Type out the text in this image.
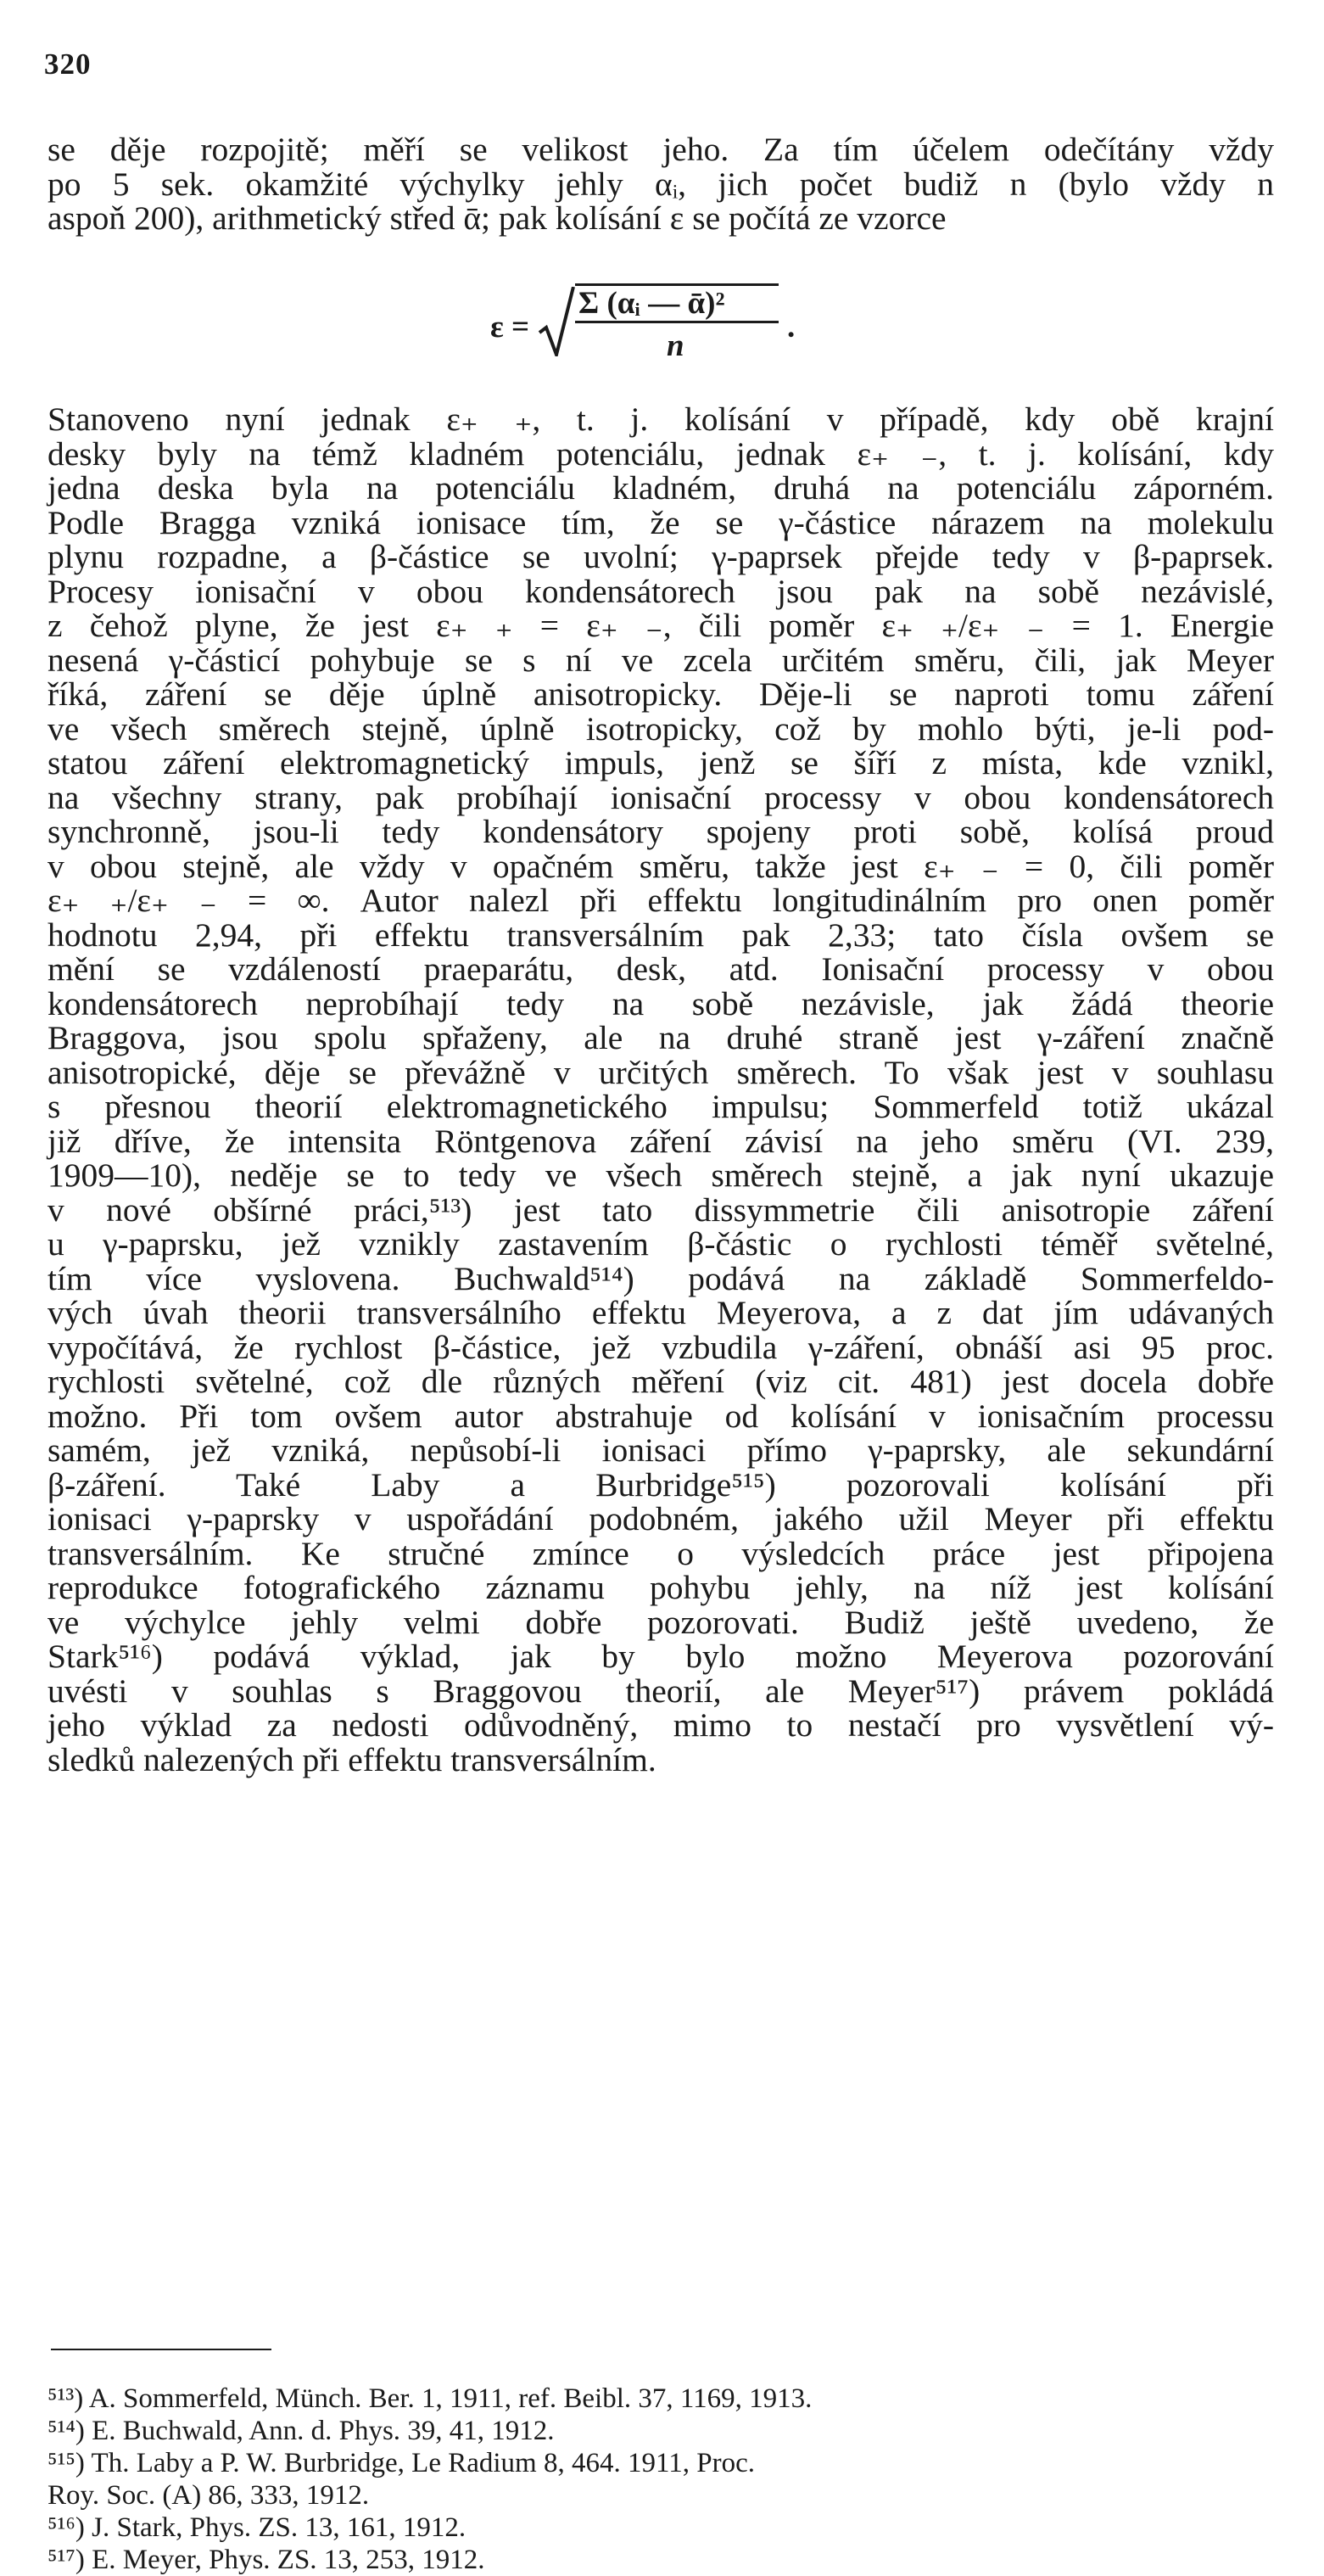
320
se děje rozpojitě; měří se velikost jeho. Za tím účelem odečítány vždy
po 5 sek. okamžité výchylky jehly αᵢ, jich počet budiž n (bylo vždy n
aspoň 200), arithmetický střed ᾱ; pak kolísání ε se počítá ze vzorce
ε =
Σ (αᵢ — ᾱ)²
n
.
Stanoveno nyní jednak ε₊ ₊, t. j. kolísání v případě, kdy obě krajní
desky byly na témž kladném potenciálu, jednak ε₊ ₋, t. j. kolísání, kdy
jedna deska byla na potenciálu kladném, druhá na potenciálu záporném.
Podle Bragga vzniká ionisace tím, že se γ-částice nárazem na molekulu
plynu rozpadne, a β-částice se uvolní; γ-paprsek přejde tedy v β-paprsek.
Procesy ionisační v obou kondensátorech jsou pak na sobě nezávislé,
z čehož plyne, že jest ε₊ ₊ = ε₊ ₋, čili poměr ε₊ ₊/ε₊ ₋ = 1. Energie
nesená γ-částicí pohybuje se s ní ve zcela určitém směru, čili, jak Meyer
říká, záření se děje úplně anisotropicky. Děje-li se naproti tomu záření
ve všech směrech stejně, úplně isotropicky, což by mohlo býti, je-li pod-
statou záření elektromagnetický impuls, jenž se šíří z místa, kde vznikl,
na všechny strany, pak probíhají ionisační processy v obou kondensátorech
synchronně, jsou-li tedy kondensátory spojeny proti sobě, kolísá proud
v obou stejně, ale vždy v opačném směru, takže jest ε₊ ₋ = 0, čili poměr
ε₊ ₊/ε₊ ₋ = ∞. Autor nalezl při effektu longitudinálním pro onen poměr
hodnotu 2,94, při effektu transversálním pak 2,33; tato čísla ovšem se
mění se vzdáleností praeparátu, desk, atd. Ionisační processy v obou
kondensátorech neprobíhají tedy na sobě nezávisle, jak žádá theorie
Braggova, jsou spolu spřaženy, ale na druhé straně jest γ-záření značně
anisotropické, děje se převážně v určitých směrech. To však jest v souhlasu
s přesnou theorií elektromagnetického impulsu; Sommerfeld totiž ukázal
již dříve, že intensita Röntgenova záření závisí na jeho směru (VI. 239,
1909—10), neděje se to tedy ve všech směrech stejně, a jak nyní ukazuje
v nové obšírné práci,⁵¹³) jest tato dissymmetrie čili anisotropie záření
u γ-paprsku, jež vznikly zastavením β-částic o rychlosti téměř světelné,
tím více vyslovena. Buchwald⁵¹⁴) podává na základě Sommerfeldo-
vých úvah theorii transversálního effektu Meyerova, a z dat jím udávaných
vypočítává, že rychlost β-částice, jež vzbudila γ-záření, obnáší asi 95 proc.
rychlosti světelné, což dle různých měření (viz cit. 481) jest docela dobře
možno. Při tom ovšem autor abstrahuje od kolísání v ionisačním processu
samém, jež vzniká, nepůsobí-li ionisaci přímo γ-paprsky, ale sekundární
β-záření. Také Laby a Burbridge⁵¹⁵) pozorovali kolísání při
ionisaci γ-paprsky v uspořádání podobném, jakého užil Meyer při effektu
transversálním. Ke stručné zmínce o výsledcích práce jest připojena
reprodukce fotografického záznamu pohybu jehly, na níž jest kolísání
ve výchylce jehly velmi dobře pozorovati. Budiž ještě uvedeno, že
Stark⁵¹⁶) podává výklad, jak by bylo možno Meyerova pozorování
uvésti v souhlas s Braggovou theorií, ale Meyer⁵¹⁷) právem pokládá
jeho výklad za nedosti odůvodněný, mimo to nestačí pro vysvětlení vý-
sledků nalezených při effektu transversálním.
⁵¹³) A. Sommerfeld, Münch. Ber. 1, 1911, ref. Beibl. 37, 1169, 1913.
⁵¹⁴) E. Buchwald, Ann. d. Phys. 39, 41, 1912.
⁵¹⁵) Th. Laby a P. W. Burbridge, Le Radium 8, 464. 1911, Proc.
Roy. Soc. (A) 86, 333, 1912.
⁵¹⁶) J. Stark, Phys. ZS. 13, 161, 1912.
⁵¹⁷) E. Meyer, Phys. ZS. 13, 253, 1912.
